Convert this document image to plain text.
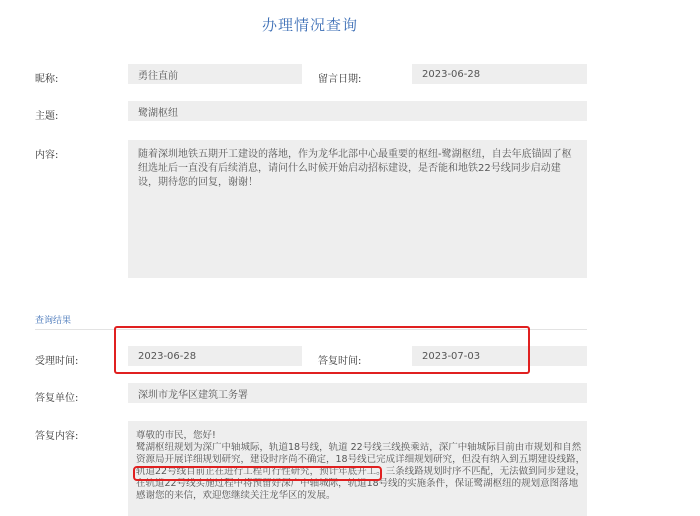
办理情况查询
昵称:	勇往直前	留言日期:	2023-06-28
主题:	鹭湖枢纽
内容:	随着深圳地铁五期开工建设的落地，作为龙华北部中心最重要的枢纽-鹭湖枢纽，自去年底锚固了枢纽选址后一直没有后续消息，请问什么时候开始启动招标建设，是否能和地铁22号线同步启动建设，期待您的回复，谢谢！
查询结果
受理时间:	2023-06-28	答复时间:	2023-07-03
答复单位:	深圳市龙华区建筑工务署
答复内容:	尊敬的市民，您好!
鹭湖枢纽规划为深广中轴城际，轨道18号线，轨道 22号线三线换乘站，深广中轴城际目前由市规划和自然
资源局开展详细规划研究，建设时序尚不确定，18号线已完成详细规划研究，但没有纳入到五期建设线路，
轨道22号线目前正在进行工程可行性研究，预计年底开工。三条线路规划时序不匹配，无法做到同步建设，
在轨道22号线实施过程中将预留好深广中轴城际，轨道18号线的实施条件，保证鹭湖枢纽的规划意图落地
感谢您的来信，欢迎您继续关注龙华区的发展。
